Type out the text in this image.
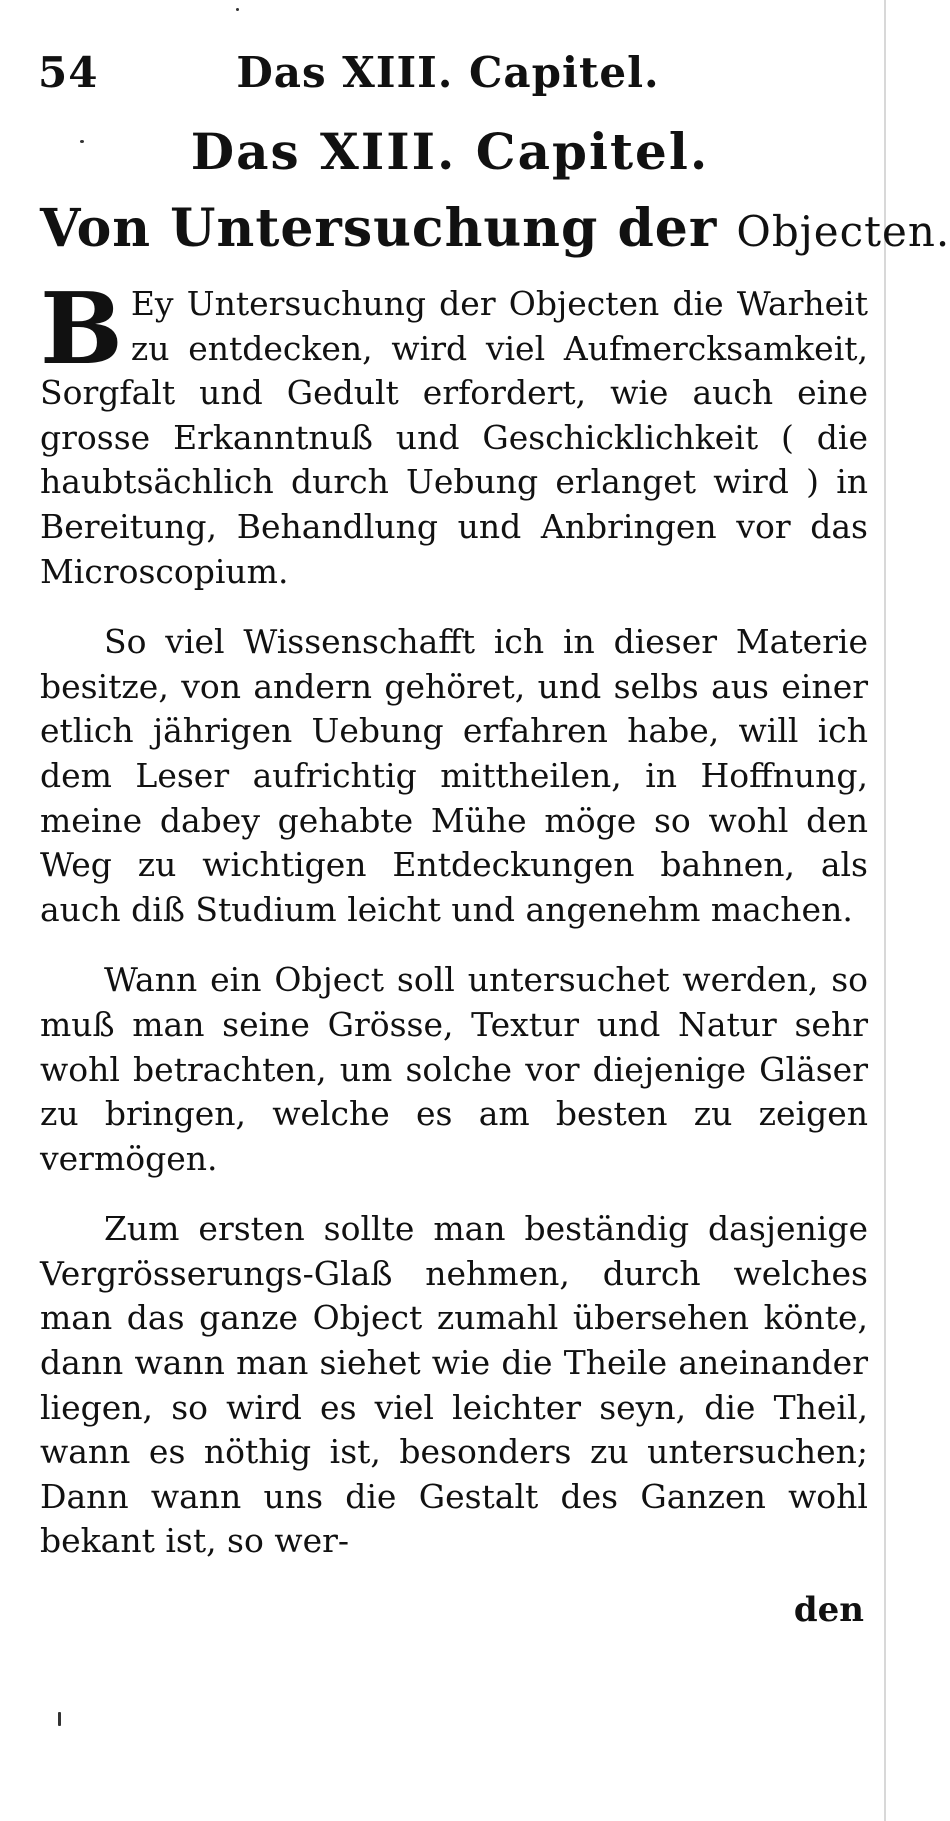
54	Das XIII. Capitel.
Das XIII. Capitel.
Von Untersuchung der Objecten.

B Ey Untersuchung der Objecten die Warheit zu entdecken, wird viel Aufmercksamkeit, Sorgfalt und Gedult erfordert, wie auch eine grosse Erkanntnuß und Geschicklichkeit ( die haubtsächlich durch Uebung erlanget wird ) in Bereitung, Behandlung und Anbringen vor das Microscopium.

So viel Wissenschafft ich in dieser Materie besitze, von andern gehöret, und selbs aus einer etlich jährigen Uebung erfahren habe, will ich dem Leser aufrichtig mittheilen, in Hoffnung, meine dabey gehabte Mühe möge so wohl den Weg zu wichtigen Entdeckungen bahnen, als auch diß Studium leicht und angenehm machen.

Wann ein Object soll untersuchet werden, so muß man seine Grösse, Textur und Natur sehr wohl betrachten, um solche vor diejenige Gläser zu bringen, welche es am besten zu zeigen vermögen.

Zum ersten sollte man beständig dasjenige Vergrösserungs-Glaß nehmen, durch welches man das ganze Object zumahl übersehen könte, dann wann man siehet wie die Theile aneinander liegen, so wird es viel leichter seyn, die Theil, wann es nöthig ist, besonders zu untersuchen; Dann wann uns die Gestalt des Ganzen wohl bekant ist, so wer-

den
